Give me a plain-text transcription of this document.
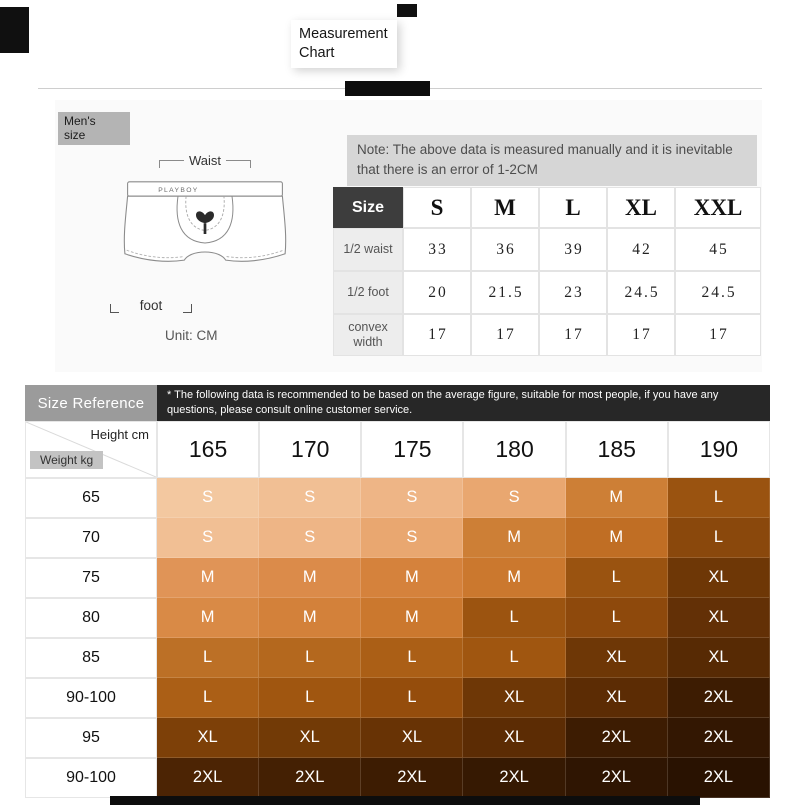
Measurement
Chart
Men's
size
Waist
PLAYBOY
foot
Unit: CM
Note: The above data is measured manually and it is inevitable that there is an error of 1-2CM
Size	S	M	L	XL	XXL
1/2 waist	33	36	39	42	45
1/2 foot	20	21.5	23	24.5	24.5
convex width	17	17	17	17	17
Size Reference	* The following data is recommended to be based on the average figure, suitable for most people, if you have any questions, please consult online customer service.
Height cm
Weight kg	165	170	175	180	185	190
65	S	S	S	S	M	L
70	S	S	S	M	M	L
75	M	M	M	M	L	XL
80	M	M	M	L	L	XL
85	L	L	L	L	XL	XL
90-100	L	L	L	XL	XL	2XL
95	XL	XL	XL	XL	2XL	2XL
90-100	2XL	2XL	2XL	2XL	2XL	2XL
